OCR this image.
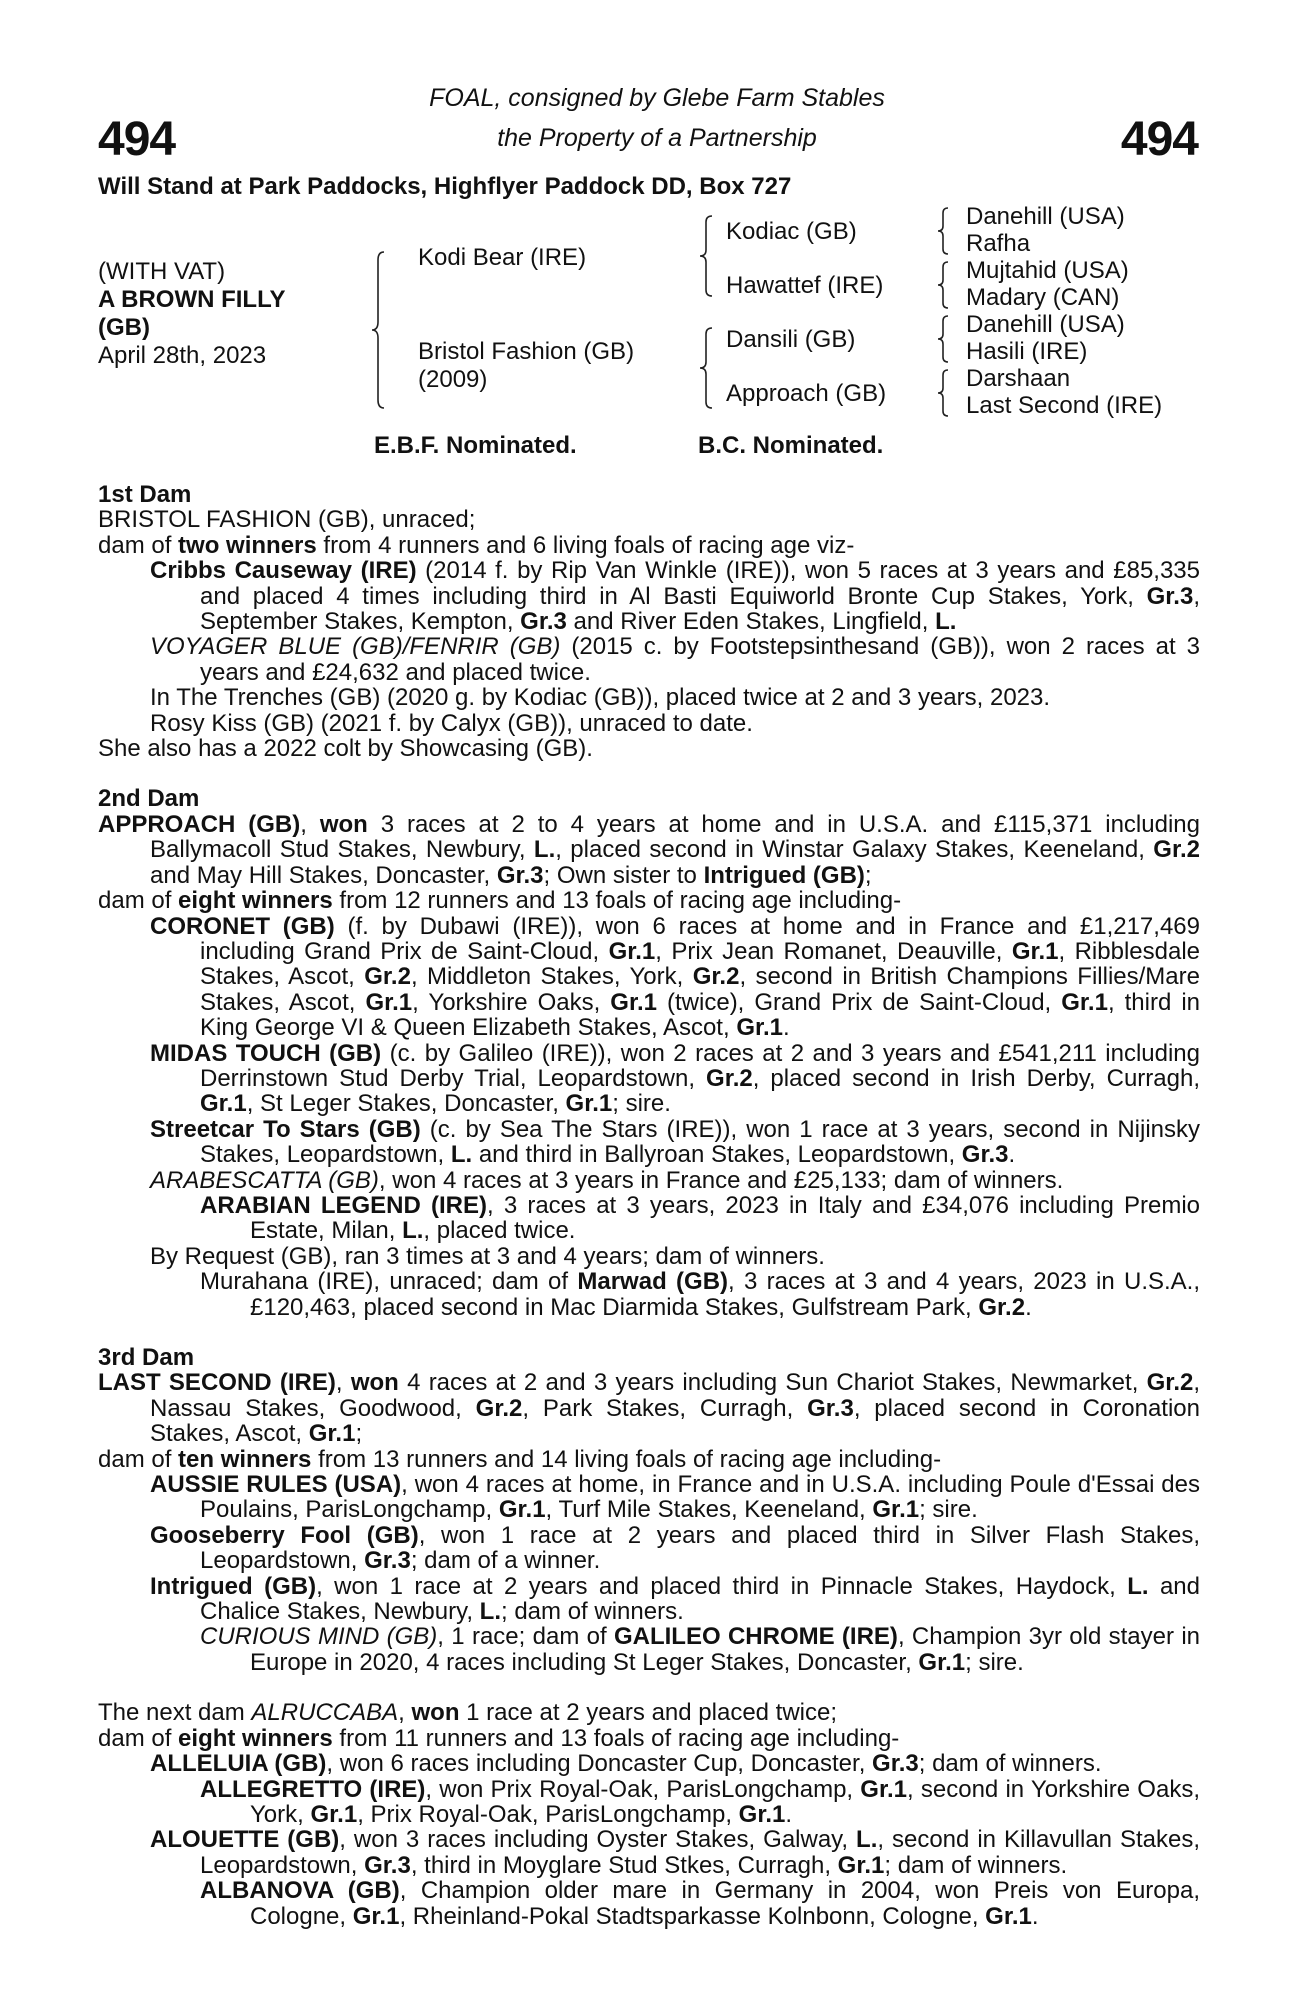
494	494
FOAL, consigned by Glebe Farm Stables
the Property of a Partnership
Will Stand at Park Paddocks, Highflyer Paddock DD, Box 727
(WITH VAT)
A BROWN FILLY
(GB)
April 28th, 2023
Kodi Bear (IRE)
Bristol Fashion (GB)
(2009)
Kodiac (GB)
Hawattef (IRE)
Dansili (GB)
Approach (GB)
Danehill (USA)
Rafha
Mujtahid (USA)
Madary (CAN)
Danehill (USA)
Hasili (IRE)
Darshaan
Last Second (IRE)
E.B.F. Nominated.	B.C. Nominated.

1st Dam

BRISTOL FASHION (GB), unraced;

dam of two winners from 4 runners and 6 living foals of racing age viz-

Cribbs Causeway (IRE) (2014 f. by Rip Van Winkle (IRE)), won 5 races at 3 years and £85,335 and placed 4 times including third in Al Basti Equiworld Bronte Cup Stakes, York, Gr.3, September Stakes, Kempton, Gr.3 and River Eden Stakes, Lingfield, L.

VOYAGER BLUE (GB)/FENRIR (GB) (2015 c. by Footstepsinthesand (GB)), won 2 races at 3 years and £24,632 and placed twice.

In The Trenches (GB) (2020 g. by Kodiac (GB)), placed twice at 2 and 3 years, 2023.

Rosy Kiss (GB) (2021 f. by Calyx (GB)), unraced to date.

She also has a 2022 colt by Showcasing (GB).

2nd Dam

APPROACH (GB), won 3 races at 2 to 4 years at home and in U.S.A. and £115,371 including Ballymacoll Stud Stakes, Newbury, L., placed second in Winstar Galaxy Stakes, Keeneland, Gr.2 and May Hill Stakes, Doncaster, Gr.3; Own sister to Intrigued (GB);

dam of eight winners from 12 runners and 13 foals of racing age including-

CORONET (GB) (f. by Dubawi (IRE)), won 6 races at home and in France and £1,217,469 including Grand Prix de Saint-Cloud, Gr.1, Prix Jean Romanet, Deauville, Gr.1, Ribblesdale Stakes, Ascot, Gr.2, Middleton Stakes, York, Gr.2, second in British Champions Fillies/Mare Stakes, Ascot, Gr.1, Yorkshire Oaks, Gr.1 (twice), Grand Prix de Saint-Cloud, Gr.1, third in King George VI & Queen Elizabeth Stakes, Ascot, Gr.1.

MIDAS TOUCH (GB) (c. by Galileo (IRE)), won 2 races at 2 and 3 years and £541,211 including Derrinstown Stud Derby Trial, Leopardstown, Gr.2, placed second in Irish Derby, Curragh, Gr.1, St Leger Stakes, Doncaster, Gr.1; sire.

Streetcar To Stars (GB) (c. by Sea The Stars (IRE)), won 1 race at 3 years, second in Nijinsky Stakes, Leopardstown, L. and third in Ballyroan Stakes, Leopardstown, Gr.3.

ARABESCATTA (GB), won 4 races at 3 years in France and £25,133; dam of winners.

ARABIAN LEGEND (IRE), 3 races at 3 years, 2023 in Italy and £34,076 including Premio Estate, Milan, L., placed twice.

By Request (GB), ran 3 times at 3 and 4 years; dam of winners.

Murahana (IRE), unraced; dam of Marwad (GB), 3 races at 3 and 4 years, 2023 in U.S.A., £120,463, placed second in Mac Diarmida Stakes, Gulfstream Park, Gr.2.

3rd Dam

LAST SECOND (IRE), won 4 races at 2 and 3 years including Sun Chariot Stakes, Newmarket, Gr.2, Nassau Stakes, Goodwood, Gr.2, Park Stakes, Curragh, Gr.3, placed second in Coronation Stakes, Ascot, Gr.1;

dam of ten winners from 13 runners and 14 living foals of racing age including-

AUSSIE RULES (USA), won 4 races at home, in France and in U.S.A. including Poule d'Essai des Poulains, ParisLongchamp, Gr.1, Turf Mile Stakes, Keeneland, Gr.1; sire.

Gooseberry Fool (GB), won 1 race at 2 years and placed third in Silver Flash Stakes, Leopardstown, Gr.3; dam of a winner.

Intrigued (GB), won 1 race at 2 years and placed third in Pinnacle Stakes, Haydock, L. and Chalice Stakes, Newbury, L.; dam of winners.

CURIOUS MIND (GB), 1 race; dam of GALILEO CHROME (IRE), Champion 3yr old stayer in Europe in 2020, 4 races including St Leger Stakes, Doncaster, Gr.1; sire.

The next dam ALRUCCABA, won 1 race at 2 years and placed twice;

dam of eight winners from 11 runners and 13 foals of racing age including-

ALLELUIA (GB), won 6 races including Doncaster Cup, Doncaster, Gr.3; dam of winners.

ALLEGRETTO (IRE), won Prix Royal-Oak, ParisLongchamp, Gr.1, second in Yorkshire Oaks, York, Gr.1, Prix Royal-Oak, ParisLongchamp, Gr.1.

ALOUETTE (GB), won 3 races including Oyster Stakes, Galway, L., second in Killavullan Stakes, Leopardstown, Gr.3, third in Moyglare Stud Stkes, Curragh, Gr.1; dam of winners.

ALBANOVA (GB), Champion older mare in Germany in 2004, won Preis von Europa, Cologne, Gr.1, Rheinland-Pokal Stadtsparkasse Kolnbonn, Cologne, Gr.1.
